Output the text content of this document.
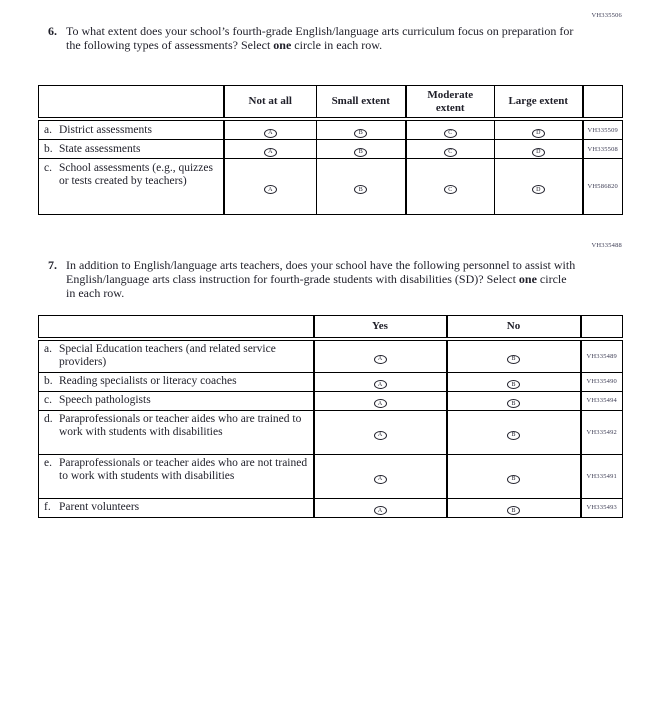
VH335506
6. To what extent does your school’s fourth-grade English/language arts curriculum focus on preparation for the following types of assessments? Select one circle in each row.
	Not at all	Small extent	Moderate extent	Large extent	

a. District assessments	A	B	C	D	VH335509

b. State assessments	A	B	C	D	VH335508

c. School assessments (e.g., quizzes or tests created by teachers)	A	B	C	D	VH586820
VH335488
7. In addition to English/language arts teachers, does your school have the following personnel to assist with English/language arts class instruction for fourth-grade students with disabilities (SD)? Select one circle in each row.
	Yes	No	

a. Special Education teachers (and related service providers)	A	B	VH335489

b. Reading specialists or literacy coaches	A	B	VH335490

c. Speech pathologists	A	B	VH335494

d. Paraprofessionals or teacher aides who are trained to work with students with disabilities	A	B	VH335492

e. Paraprofessionals or teacher aides who are not trained to work with students with disabilities	A	B	VH335491

f. Parent volunteers	A	B	VH335493
